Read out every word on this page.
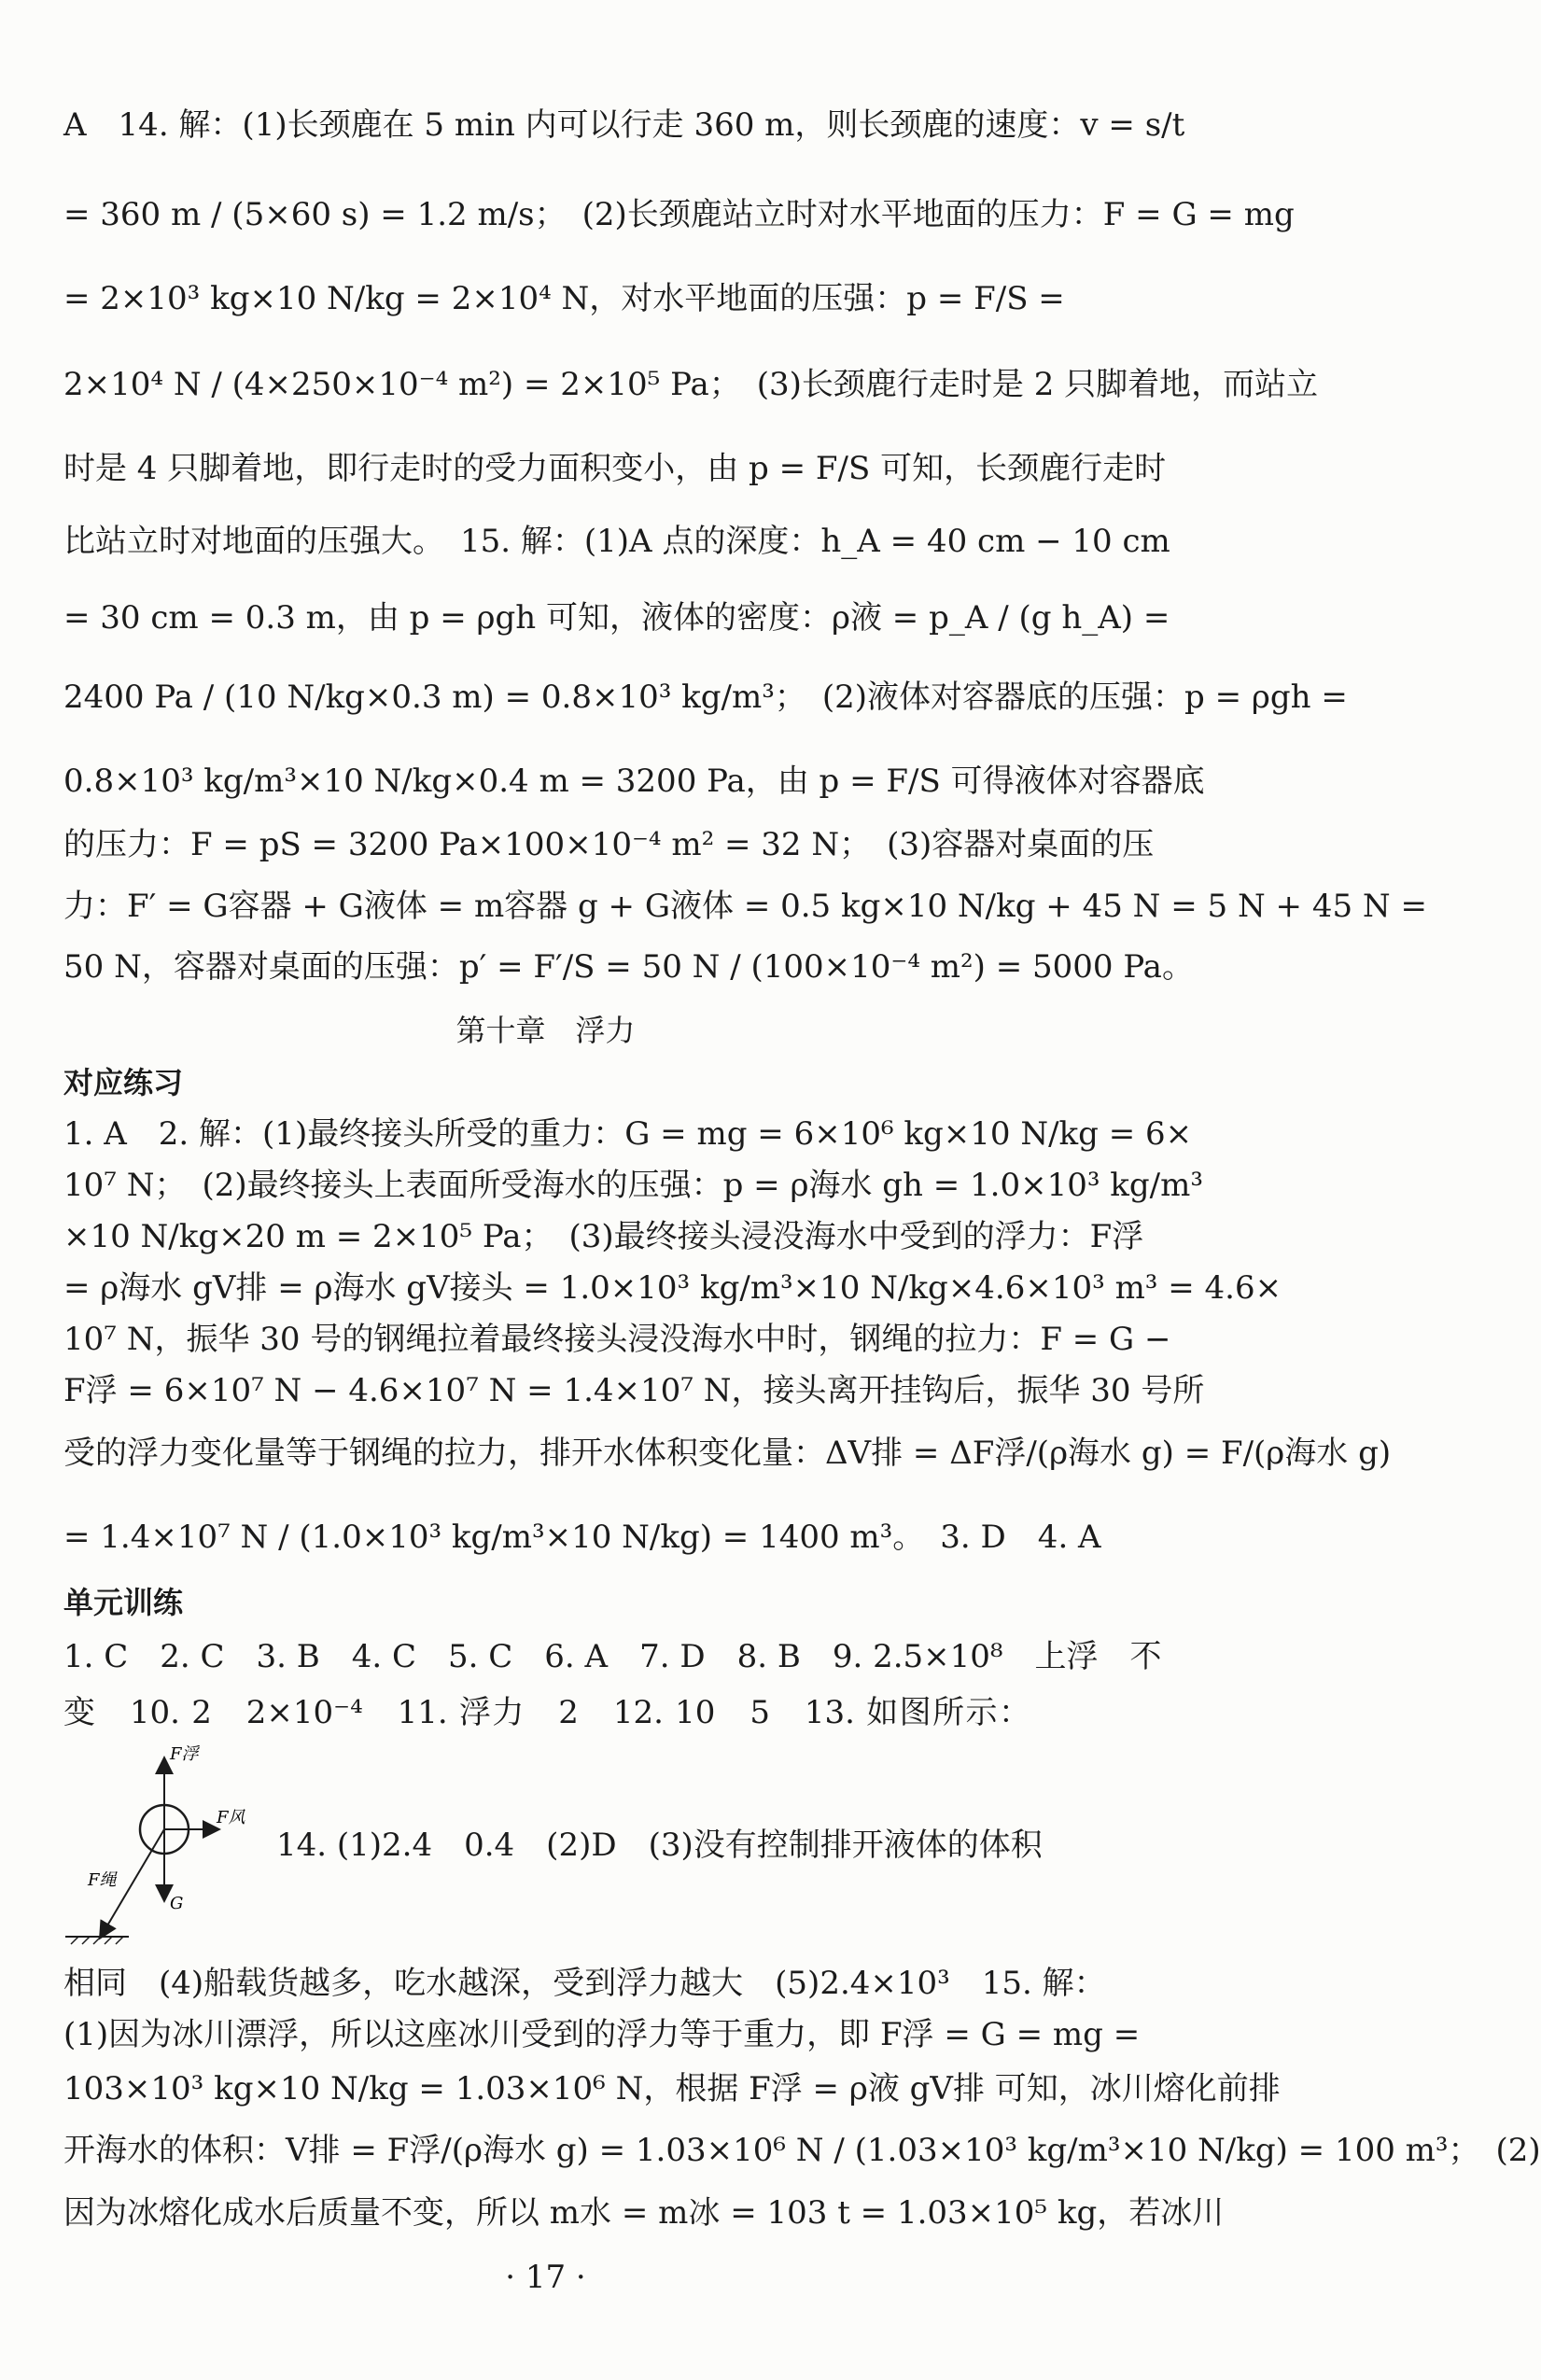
A　14. 解：(1)长颈鹿在 5 min 内可以行走 360 m，则长颈鹿的速度：v = s/t
= 360 m / (5×60 s) = 1.2 m/s；　(2)长颈鹿站立时对水平地面的压力：F = G = mg
= 2×10³ kg×10 N/kg = 2×10⁴ N，对水平地面的压强：p = F/S =
2×10⁴ N / (4×250×10⁻⁴ m²) = 2×10⁵ Pa；　(3)长颈鹿行走时是 2 只脚着地，而站立
时是 4 只脚着地，即行走时的受力面积变小，由 p = F/S 可知，长颈鹿行走时
比站立时对地面的压强大。　15. 解：(1)A 点的深度：h_A = 40 cm − 10 cm
= 30 cm = 0.3 m，由 p = ρgh 可知，液体的密度：ρ液 = p_A / (g h_A) =
2400 Pa / (10 N/kg×0.3 m) = 0.8×10³ kg/m³；　(2)液体对容器底的压强：p = ρgh =
0.8×10³ kg/m³×10 N/kg×0.4 m = 3200 Pa，由 p = F/S 可得液体对容器底
的压力：F = pS = 3200 Pa×100×10⁻⁴ m² = 32 N；　(3)容器对桌面的压
力：F′ = G容器 + G液体 = m容器 g + G液体 = 0.5 kg×10 N/kg + 45 N = 5 N + 45 N =
50 N，容器对桌面的压强：p′ = F′/S = 50 N / (100×10⁻⁴ m²) = 5000 Pa。
第十章　浮力
对应练习
1. A　2. 解：(1)最终接头所受的重力：G = mg = 6×10⁶ kg×10 N/kg = 6×
10⁷ N；　(2)最终接头上表面所受海水的压强：p = ρ海水 gh = 1.0×10³ kg/m³
×10 N/kg×20 m = 2×10⁵ Pa；　(3)最终接头浸没海水中受到的浮力：F浮
= ρ海水 gV排 = ρ海水 gV接头 = 1.0×10³ kg/m³×10 N/kg×4.6×10³ m³ = 4.6×
10⁷ N，振华 30 号的钢绳拉着最终接头浸没海水中时，钢绳的拉力：F = G −
F浮 = 6×10⁷ N − 4.6×10⁷ N = 1.4×10⁷ N，接头离开挂钩后，振华 30 号所
受的浮力变化量等于钢绳的拉力，排开水体积变化量：ΔV排 = ΔF浮/(ρ海水 g) = F/(ρ海水 g)
= 1.4×10⁷ N / (1.0×10³ kg/m³×10 N/kg) = 1400 m³。　3. D　4. A
单元训练
1. C　2. C　3. B　4. C　5. C　6. A　7. D　8. B　9. 2.5×10⁸　上浮　不
变　10. 2　2×10⁻⁴　11. 浮力　2　12. 10　5　13. 如图所示：
F浮
F风
F绳
G
14. (1)2.4　0.4　(2)D　(3)没有控制排开液体的体积
相同　(4)船载货越多，吃水越深，受到浮力越大　(5)2.4×10³　15. 解：
(1)因为冰川漂浮，所以这座冰川受到的浮力等于重力，即 F浮 = G = mg =
103×10³ kg×10 N/kg = 1.03×10⁶ N，根据 F浮 = ρ液 gV排 可知，冰川熔化前排
开海水的体积：V排 = F浮/(ρ海水 g) = 1.03×10⁶ N / (1.03×10³ kg/m³×10 N/kg) = 100 m³；　(2)
因为冰熔化成水后质量不变，所以 m水 = m冰 = 103 t = 1.03×10⁵ kg，若冰川
· 17 ·
